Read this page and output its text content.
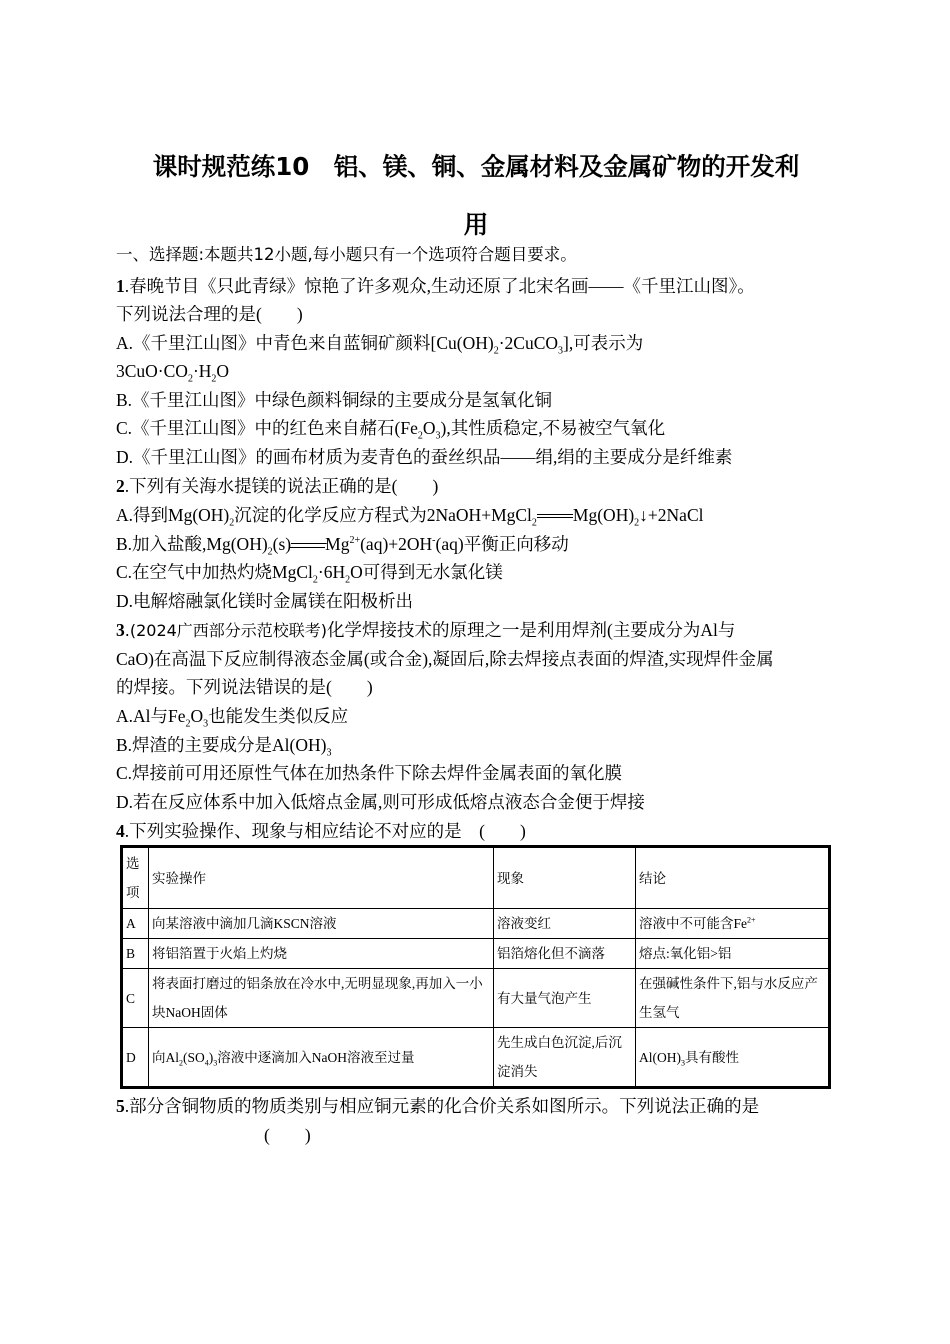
课时规范练10　铝、镁、铜、金属材料及金属矿物的开发利
用
一、选择题:本题共12小题,每小题只有一个选项符合题目要求。
1.春晚节目《只此青绿》惊艳了许多观众,生动还原了北宋名画——《千里江山图》。
下列说法合理的是(　　)
A.《千里江山图》中青色来自蓝铜矿颜料$[Cu(OH)_2\cdot 2CuCO_3]$,可表示为
$3CuO\cdot CO_2\cdot H_2O$
B.《千里江山图》中绿色颜料铜绿的主要成分是氢氧化铜
C.《千里江山图》中的红色来自赭石$(Fe_2O_3)$,其性质稳定,不易被空气氧化
D.《千里江山图》的画布材质为麦青色的蚕丝织品——绢,绢的主要成分是纤维素
2.下列有关海水提镁的说法正确的是(　　)
A.得到$Mg(OH)_2$沉淀的化学反应方程式为2NaOH+MgCl$_2$ $Mg(OH)_2↓+2NaCl$
B.加入盐酸$,Mg(OH)_2(s)$ $Mg^{2+}(aq)+2OH^-(aq)$平衡正向移动
C.在空气中加热灼烧$MgCl_2\cdot 6H_2O$可得到无水氯化镁
D.电解熔融氯化镁时金属镁在阳极析出
3.(2024广西部分示范校联考)化学焊接技术的原理之一是利用焊剂(主要成分为Al与
CaO)在高温下反应制得液态金属(或合金),凝固后,除去焊接点表面的焊渣,实现焊件金属
的焊接。下列说法错误的是(　　)
A.Al与$Fe_2O_3$也能发生类似反应
B.焊渣的主要成分是$Al(OH)_3$
C.焊接前可用还原性气体在加热条件下除去焊件金属表面的氧化膜
D.若在反应体系中加入低熔点金属,则可形成低熔点液态合金便于焊接
4.下列实验操作、现象与相应结论不对应的是　(　　)
选项	实验操作	现象	结论
A	向某溶液中滴加几滴KSCN溶液	溶液变红	溶液中不可能含$Fe^{2+}$
B	将铝箔置于火焰上灼烧	铝箔熔化但不滴落	熔点:氧化铝>铝
C	将表面打磨过的铝条放在冷水中,无明显现象,再加入一小块NaOH固体	有大量气泡产生	在强碱性条件下,铝与水反应产生氢气
D	向$Al_2(SO_4)_3$溶液中逐滴加入NaOH溶液至过量	先生成白色沉淀,后沉淀消失	$Al(OH)_3$具有酸性
5.部分含铜物质的物质类别与相应铜元素的化合价关系如图所示。下列说法正确的是
(　　)
